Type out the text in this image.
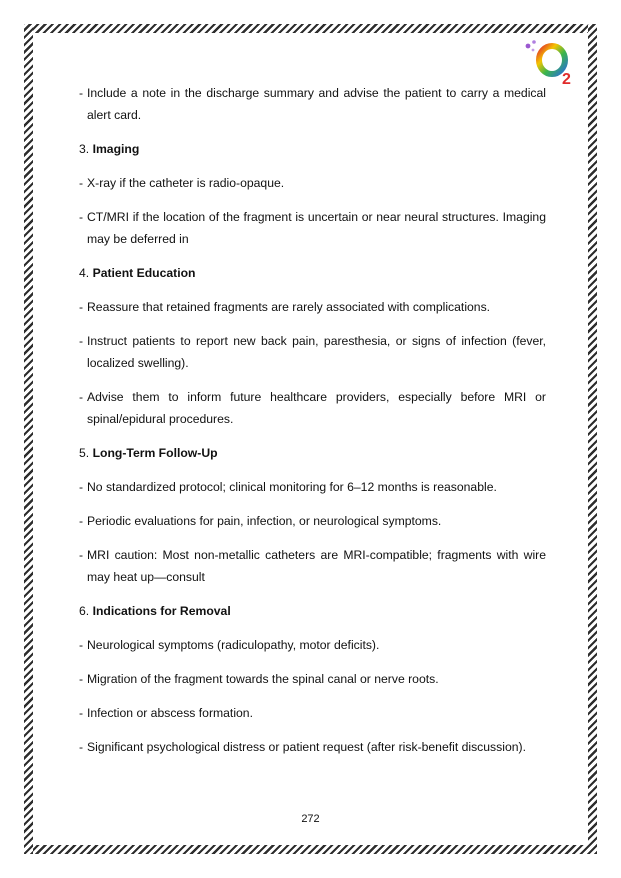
2
- Include a note in the discharge summary and advise the patient to carry a medical alert card.
3. Imaging
- X-ray if the catheter is radio-opaque.
- CT/MRI if the location of the fragment is uncertain or near neural structures. Imaging may be deferred in
4. Patient Education
- Reassure that retained fragments are rarely associated with complications.
- Instruct patients to report new back pain, paresthesia, or signs of infection (fever, localized swelling).
- Advise them to inform future healthcare providers, especially before MRI or spinal/epidural procedures.
5. Long-Term Follow-Up
- No standardized protocol; clinical monitoring for 6–12 months is reasonable.
- Periodic evaluations for pain, infection, or neurological symptoms.
- MRI caution: Most non-metallic catheters are MRI-compatible; fragments with wire may heat up—consult
6. Indications for Removal
- Neurological symptoms (radiculopathy, motor deficits).
- Migration of the fragment towards the spinal canal or nerve roots.
- Infection or abscess formation.
- Significant psychological distress or patient request (after risk-benefit discussion).
272
